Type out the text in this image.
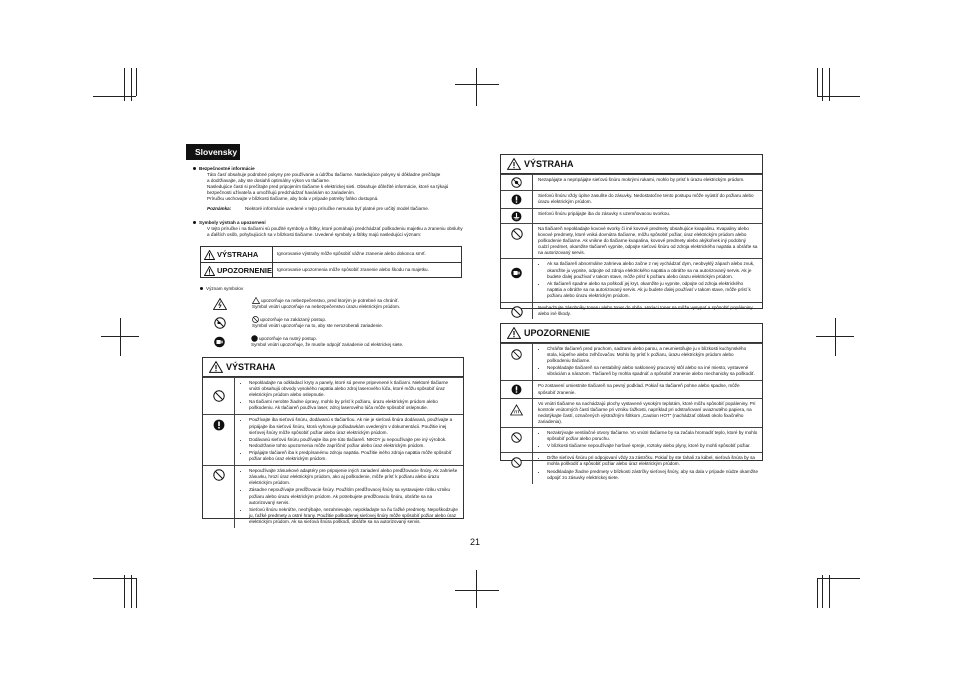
Slovensky
Bezpečnostné informácie
Táto časť obsahuje podrobné pokyny pre používanie a údržbu tlačiarne. Nasledujúce pokyny si dôkladne prečítajte
a dodržiavajte, aby ste dosiahli optimálny výkon vo tlačiarne.
Nasledujúce časti si prečítajte pred pripojením tlačiarne k elektrickej sieti. Obsahuje dôležité informácie, ktoré sa týkajú
bezpečnosti užívateľa a umožňujú predchádzať haváriám so zariadením.
Príručku uschovajte v blízkosti tlačiarne, aby bola v prípade potreby ľahko dostupná.
Poznámka:	Niektoré informácie uvedené v tejto príručke nemusia byť platné pre určitý model tlačiarne.
Symboly výstrah a upozornení
V tejto príručke i na tlačiarni sú použité symboly a štítky, ktoré pomáhajú predchádzať poškodeniu majetku a zraneniu obsluhy
a ďalších osôb, pohybujúcich sa v blízkosti tlačiarne. Uvedené symboly a štítky majú nasledujúci význam:
VÝSTRAHA	Ignorovanie výstrahy môže spôsobiť vážne zranenie alebo dokonca smrť.
UPOZORNENIE	Ignorovanie upozornenia môže spôsobiť zranenie alebo škodu na majetku.
Význam symbolov
upozorňuje na nebezpečenstvo, pred ktorým je potrebné sa chrániť.
Symbol vnútri upozorňuje na nebezpečenstvo úrazu elektrickým prúdom.
upozorňuje na zakázaný postup.
Symbol vnútri upozorňuje na to, aby ste nerozoberali zariadenie.
upozorňuje na nutný postup.
Symbol vnútri upozorňuje, že musíte odpojiť zariadenie od elektrickej siete.
VÝSTRAHA
• Nepokladajte na odkladací kryty a panely, ktoré sú pevne pripevnené k tlačiarni. Niektoré tlačiarne vnútri obsahujú obvody vysokého napätia alebo zdroj laserového lúča, ktoré môžu spôsobiť úraz elektrickým prúdom alebo oslepnutie.
• Na tlačiarni nerobte žiadne úpravy, mohlo by prísť k požiaru, úrazu elektrickým prúdom alebo poškodeniu. Ak tlačiareň používa laser, zdroj laserového lúča môže spôsobiť oslepnutie.
• Používajte iba sieťovú šnúru, dodávanú s tlačiarňou. Ak nie je sieťová šnúra dodávaná, používajte a pripájajte iba sieťovú šnúru, ktorá vyhovuje požiadavkám uvedeným v dokumentácii. Použitie inej sieťovej šnúry môže spôsobiť požiar alebo úraz elektrickým prúdom.
• Dodávanú sieťovú šnúru používajte iba pre túto tlačiareň. NIKDY ju nepoužívajte pre iný výrobok. Nedodržanie tohto upozornenia môže zapríčiniť požiar alebo úraz elektrickým prúdom.
• Pripájajte tlačiareň iba k predpísanému zdroju napätia. Použitie iného zdroja napätia môže spôsobiť požiar alebo úraz elektrickým prúdom.
• Nepoužívajte zásuvkové adaptéry pre pripojenie iných zariadení alebo predĺžovacie šnúry. Ak zahrieše zásuvku, hrozí úraz elektrickým prúdom, ako aj poškodenie, môže prísť k požiaru alebo úrazu elektrickým prúdom.
• Zásadne nepoužívajte predĺžovacie šnúry. Použitím predĺžovacej šnúry sa vystavujete riziku vzniku požiaru alebo úrazu elektrickým prúdom. Ak potrebujete predĺžovaciu šnúru, obráťte sa na autorizovaný servis.
• Sieťovú šnúru nekrúťte, neohýbajte, nezahrievajte, nepokladajte na ňu ťažké predmety. Nepoškodzujte ju, ťažké predmety a ostré hrany. Použitie poškodenej sieťovej šnúry môže spôsobiť požiar alebo úraz elektrickým prúdom. Ak sa sieťová šnúra poškodí, obráťte sa na autorizovaný servis.
VÝSTRAHA
Nezapájajte a nepripájajte sieťovú šnúru mokrými rukami, mohlo by prísť k úrazu elektrickým prúdom.
Sieťovú šnúru vždy úplne zasuňte do zásuvky. Nedostatočne tento postupu môže vyústiť do požiaru alebo úrazu elektrickým prúdom.
Sieťovú šnúru pripájajte iba do zásuvky s uzemňovacou svorkou.
Na tlačiareň nepokladajte kovové svorky či iné kovové predmety obsahujúce kvapalinu. Kvapaliny alebo kovové predmety, ktoré vniká dovnútra tlačiarne, môžu spôsobiť požiar, úraz elektrickým prúdom alebo poškodenie tlačiarne. Ak vnikne do tlačiarne kvapalina, kovové predmety alebo akýkoľvek iný podobný cudzí predmet, okamžite tlačiareň vypnite, odpojte sieťovú šnúru od zdroja elektrického napätia a obráťte sa na autorizovaný servis.
• Ak sa tlačiareň abnormálne zahrieva alebo začne z nej vychádzať dym, neobvyklý zápach alebo zvuk, okamžite ju vypnite, odpojte od zdroja elektrického napätia a obráťte sa na autorizovaný servis. Ak je budete ďalej používať v takom stave, môže prísť k požiaru alebo úrazu elektrickým prúdom.
• Ak tlačiareň spadne alebo sa poškodí jej kryt, okamžite ju vypnite, odpojte od zdroja elektrického napätia a obráťte sa na autorizovaný servis. Ak ju budete ďalej používať v takom stave, môže prísť k požiaru alebo úrazu elektrickým prúdom.
Nevhadzujte zásobníky toneru alebo toner do ohňa. Horiaci toner sa môže vysypať a spôsobiť popáleniny alebo iné škody.
UPOZORNENIE
• Chráňte tlačiareň pred prachom, sadzami alebo parou, a neumiestňujte ju v blízkosti kuchynského stola, kúpeľne alebo zvlhčovačov. Mohlo by prísť k požiaru, úrazu elektrickým prúdom alebo poškodeniu tlačiarne.
• Nepokladajte tlačiareň na nestabilný alebo naklonený pracovný stôl alebo na iné miesto, vystavené vibráciám a nárazom. Tlačiareň by mohla spadnúť a spôsobiť zranenie alebo mechanicky sa poškodiť.
Po zostavení umiestnite tlačiareň na pevný podklad. Pokiaľ sa tlačiareň pohne alebo spadne, môže spôsobiť zranenie.
Vo vnútri tlačiarne sa nachádzajú plochy vystavené vysokým teplotám, ktoré môžu spôsobiť popáleniny. Pri kontrole vnútorných častí tlačiarne pri vzniku ťažkosti, napríklad pri odstraňovaní uviaznutého papiera, na nedotýkajte častí, označených výstražným štítkom „Caution HOT“ (nachádzať oblasti okolo fixačného zariadenia).
• Nezakrývajte ventilačné otvory tlačiarne. Vo vnútri tlačiarne by sa začala hromadiť teplo, ktoré by mohlo spôsobiť požiar alebo poruchu.
• V blízkosti tlačiarne nepoužívajte horľavé spreje, roztoky alebo plyny, ktoré by mohli spôsobiť požiar.
• Držte sieťovú šnúru pri odpojovaní vždy za zástrčku. Pokiaľ by ste ťahali za kábel, sieťová šnúra by sa mohla poškodiť a spôsobiť požiar alebo úraz elektrickým prúdom.
• Neodkladajte žiadne predmety v blízkosti zástrčky sieťovej šnúry, aby sa dala v prípade núdze okamžite odpojiť zo zásuvky elektrickej siete.
21
